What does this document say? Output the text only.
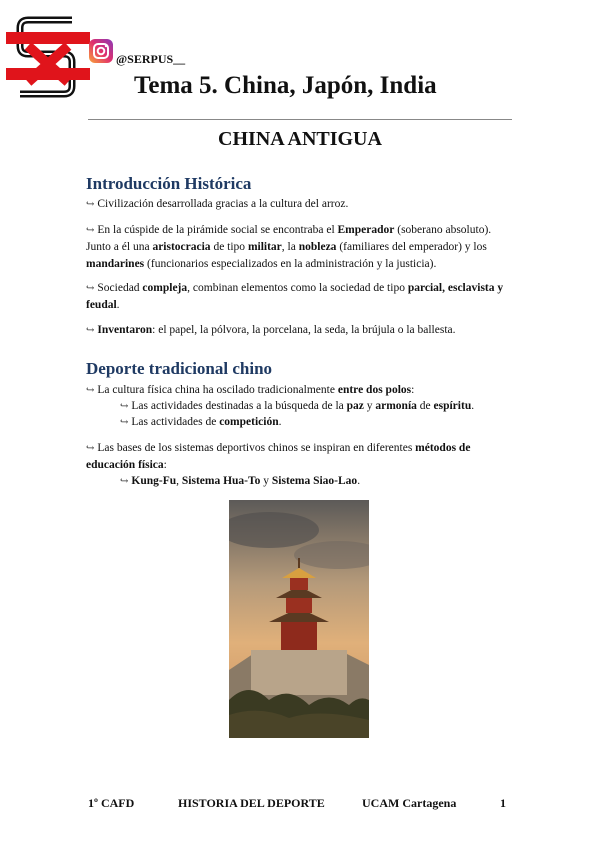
@SERPUS__
Tema 5. China, Japón, India
CHINA ANTIGUA
Introducción Histórica

↪ Civilización desarrollada gracias a la cultura del arroz.

↪ En la cúspide de la pirámide social se encontraba el Emperador (soberano absoluto). Junto a él una aristocracia de tipo militar, la nobleza (familiares del emperador) y los mandarines (funcionarios especializados en la administración y la justicia).

↪ Sociedad compleja, combinan elementos como la sociedad de tipo parcial, esclavista y feudal.

↪ Inventaron: el papel, la pólvora, la porcelana, la seda, la brújula o la ballesta.

Deporte tradicional chino

↪ La cultura física china ha oscilado tradicionalmente entre dos polos:

↪ Las actividades destinadas a la búsqueda de la paz y armonía de espíritu.

↪ Las actividades de competición.

↪ Las bases de los sistemas deportivos chinos se inspiran en diferentes métodos de educación física:

↪ Kung-Fu, Sistema Hua-To y Sistema Siao-Lao.

1º CAFD	HISTORIA DEL DEPORTE	UCAM Cartagena	1
